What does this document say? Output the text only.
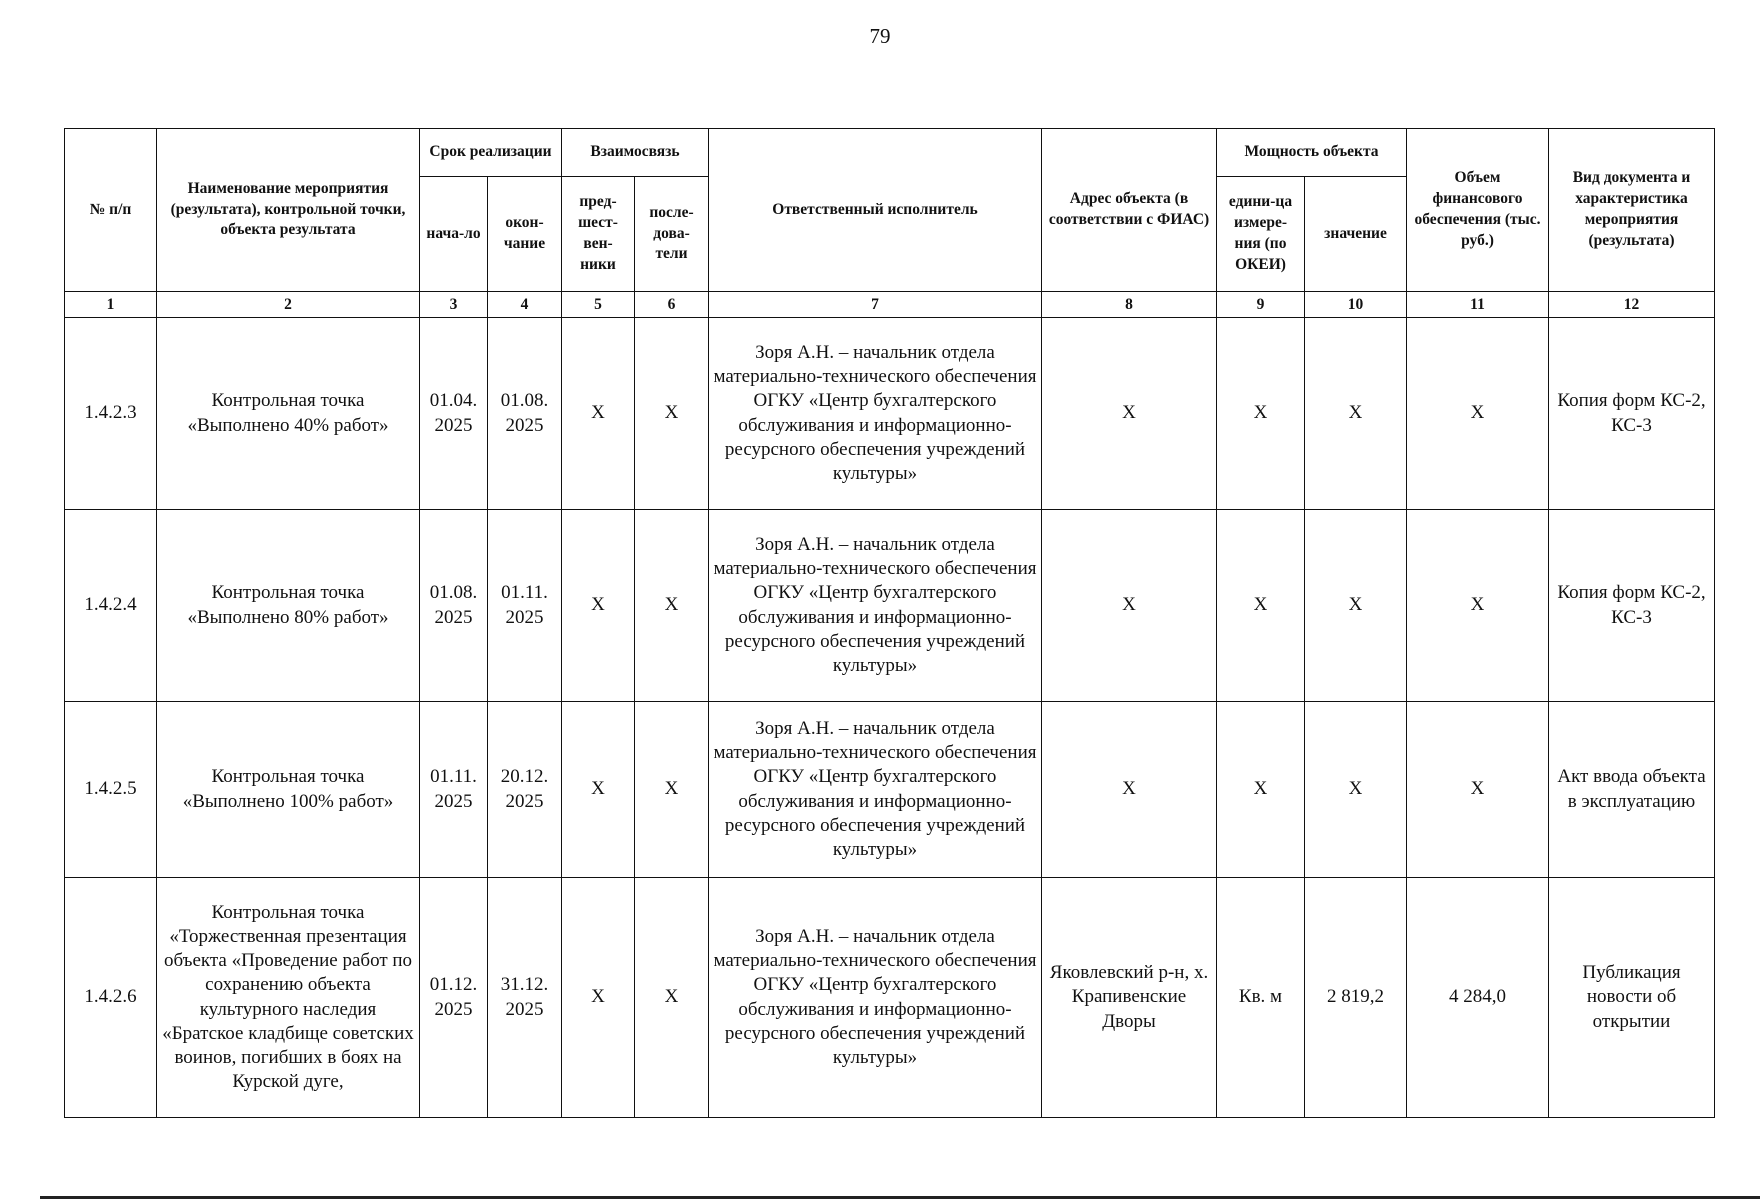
79
№ п/п	Наименование мероприятия (результата), контрольной точки, объекта результата	Срок реализации		Взаимосвязь		Ответственный исполнитель	Адрес объекта (в соответствии с ФИАС)	Мощность объекта		Объем финансового обеспечения (тыс. руб.)	Вид документа и характеристика мероприятия (результата)
		нача-ло	окон-чание	пред-шест-вен-ники	после-дова-тели			едини-ца измере-ния (по ОКЕИ)	значение		
1	2	3	4	5	6	7	8	9	10	11	12
1.4.2.3	Контрольная точка «Выполнено 40% работ»	01.04. 2025	01.08. 2025	Х	Х	Зоря А.Н. – начальник отдела материально-технического обеспечения ОГКУ «Центр бухгалтерского обслуживания и информационно-ресурсного обеспечения учреждений культуры»	Х	Х	Х	Х	Копия форм КС-2, КС-3
1.4.2.4	Контрольная точка «Выполнено 80% работ»	01.08. 2025	01.11. 2025	Х	Х	Зоря А.Н. – начальник отдела материально-технического обеспечения ОГКУ «Центр бухгалтерского обслуживания и информационно-ресурсного обеспечения учреждений культуры»	Х	Х	Х	Х	Копия форм КС-2, КС-3
1.4.2.5	Контрольная точка «Выполнено 100% работ»	01.11. 2025	20.12. 2025	Х	Х	Зоря А.Н. – начальник отдела материально-технического обеспечения ОГКУ «Центр бухгалтерского обслуживания и информационно-ресурсного обеспечения учреждений культуры»	Х	Х	Х	Х	Акт ввода объекта в эксплуатацию
1.4.2.6	Контрольная точка «Торжественная презентация объекта «Проведение работ по сохранению объекта культурного наследия «Братское кладбище советских воинов, погибших в боях на Курской дуге,	01.12. 2025	31.12. 2025	Х	Х	Зоря А.Н. – начальник отдела материально-технического обеспечения ОГКУ «Центр бухгалтерского обслуживания и информационно-ресурсного обеспечения учреждений культуры»	Яковлевский р-н, х. Крапивенские Дворы	Кв. м	2 819,2	4 284,0	Публикация новости об открытии
